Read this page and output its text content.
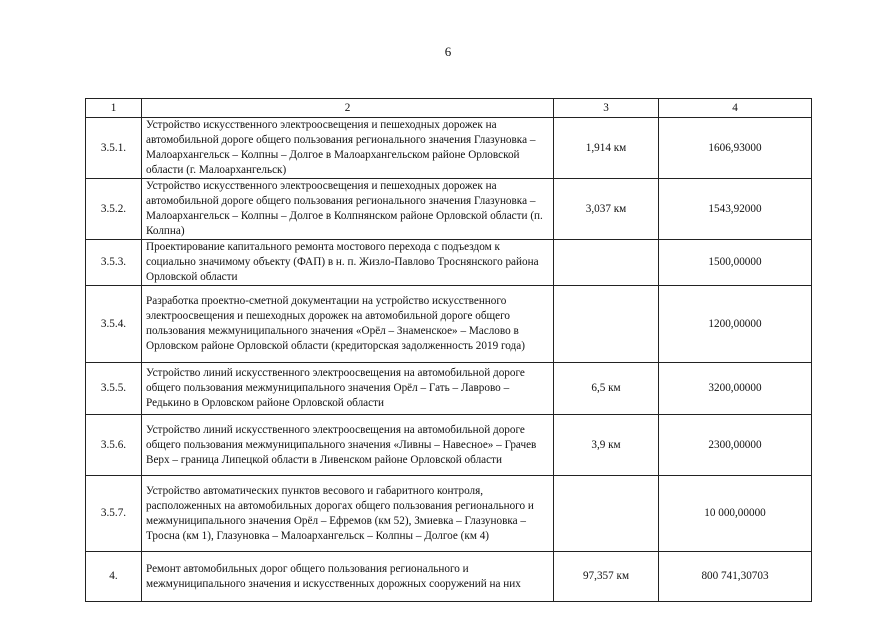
6
1	2	3	4
3.5.1.	Устройство искусственного электроосвещения и пешеходных дорожек на автомобильной дороге общего пользования регионального значения Глазуновка – Малоархангельск – Колпны – Долгое в Малоархангельском районе Орловской области (г. Малоархангельск)	1,914 км	1606,93000
3.5.2.	Устройство искусственного электроосвещения и пешеходных дорожек на автомобильной дороге общего пользования регионального значения Глазуновка – Малоархангельск – Колпны – Долгое в Колпнянском районе Орловской области (п. Колпна)	3,037 км	1543,92000
3.5.3.	Проектирование капитального ремонта мостового перехода с подъездом к социально значимому объекту (ФАП) в н. п. Жизло-Павлово Троснянского района Орловской области		1500,00000
3.5.4.	Разработка проектно-сметной документации на устройство искусственного электроосвещения и пешеходных дорожек на автомобильной дороге общего пользования межмуниципального значения «Орёл – Знаменское» – Маслово в Орловском районе Орловской области (кредиторская задолженность 2019 года)		1200,00000
3.5.5.	Устройство линий искусственного электроосвещения на автомобильной дороге общего пользования межмуниципального значения Орёл – Гать – Лаврово – Редькино в Орловском районе Орловской области	6,5 км	3200,00000
3.5.6.	Устройство линий искусственного электроосвещения на автомобильной дороге общего пользования межмуниципального значения «Ливны – Навесное» – Грачев Верх – граница Липецкой области в Ливенском районе Орловской области	3,9 км	2300,00000
3.5.7.	Устройство автоматических пунктов весового и габаритного контроля, расположенных на автомобильных дорогах общего пользования регионального и межмуниципального значения Орёл – Ефремов (км 52), Змиевка – Глазуновка – Тросна (км 1), Глазуновка – Малоархангельск – Колпны – Долгое (км 4)		10 000,00000
4.	Ремонт автомобильных дорог общего пользования регионального и межмуниципального значения и искусственных дорожных сооружений на них	97,357 км	800 741,30703
